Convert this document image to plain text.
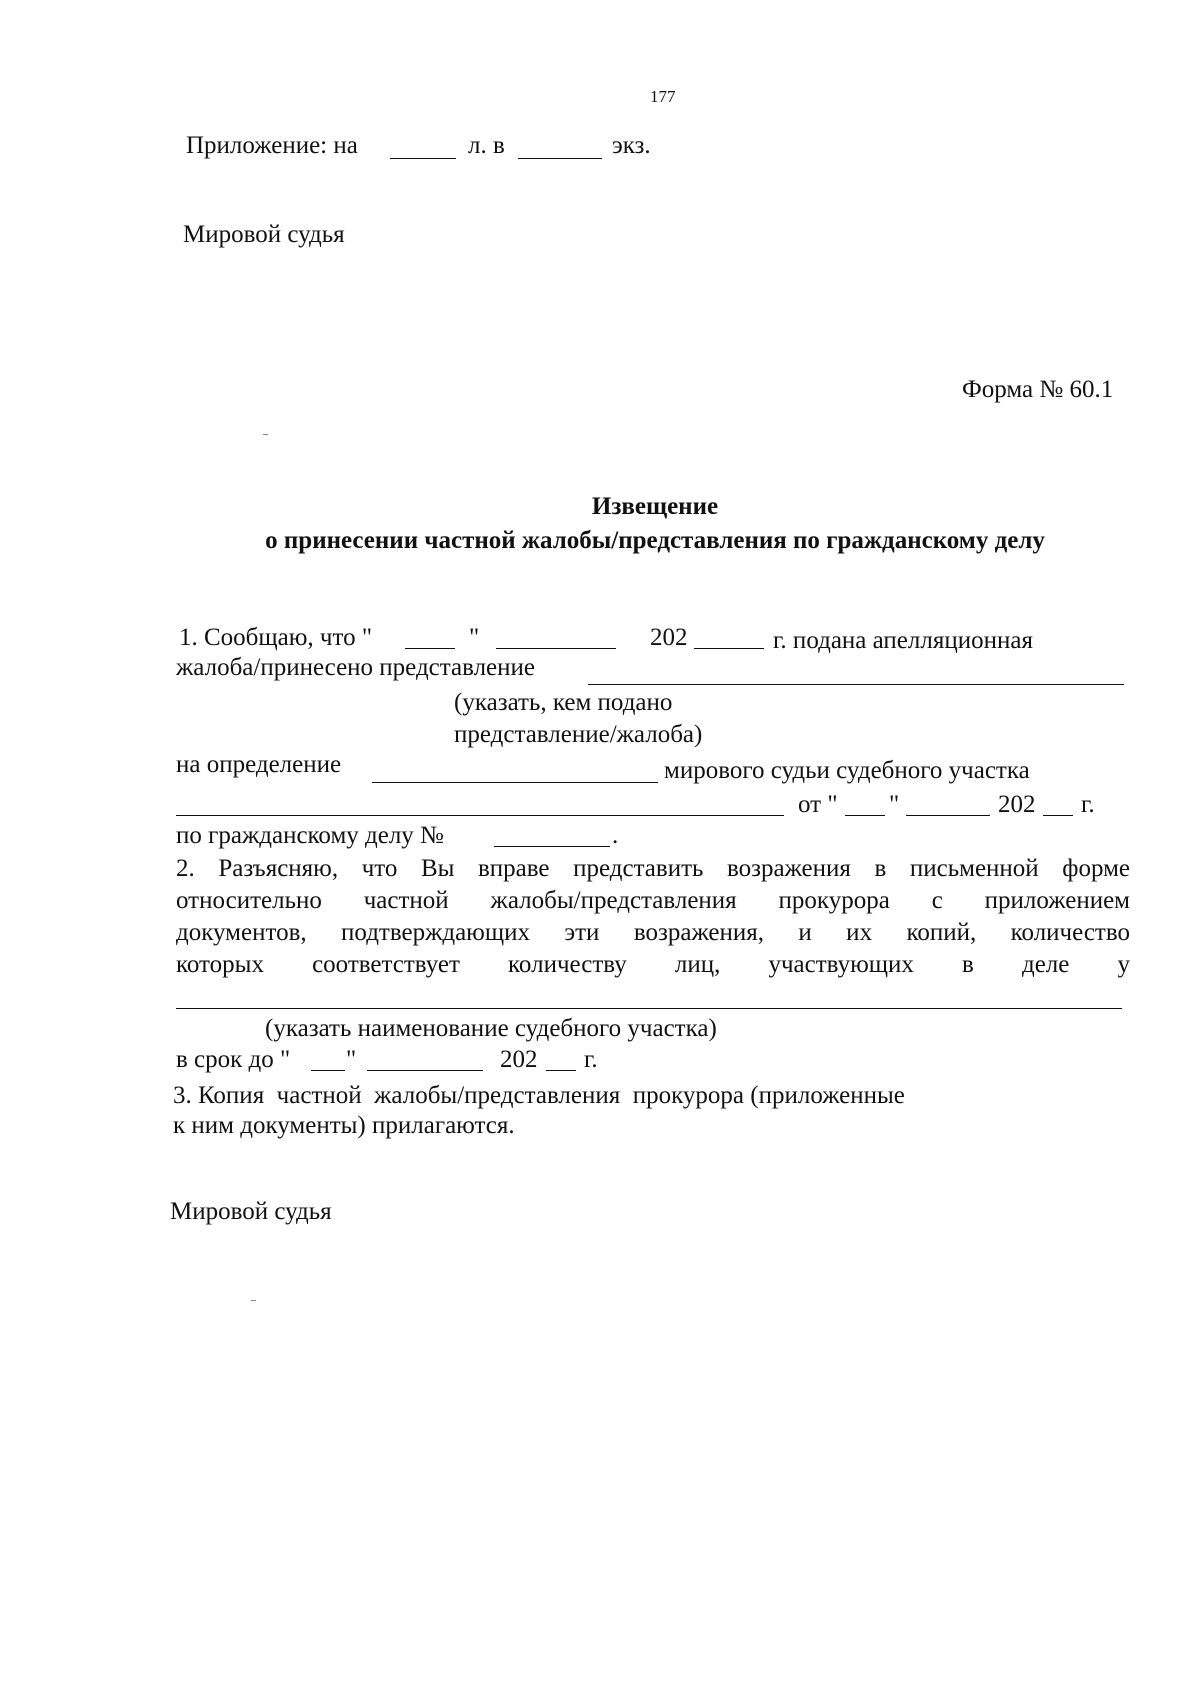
177
Приложение: на	л. в	экз.
Мировой судья
Форма № 60.1
Извещение
о принесении частной жалобы/представления по гражданскому делу
1. Сообщаю, что "	"	202	г. подана апелляционная
жалоба/принесено представление
(указать, кем подано
представление/жалоба)
на определение	мирового судьи судебного участка
от " "	202 г.
по гражданскому делу №	.
2. Разъясняю, что Вы вправе представить возражения в письменной форме
относительно частной жалобы/представления прокурора с приложением
документов, подтверждающих эти возражения, и их копий, количество
которых соответствует количеству лиц, участвующих в деле у
(указать наименование судебного участка)
в срок до " "	202 г.
3. Копия  частной  жалобы/представления  прокурора (приложенные
к ним документы) прилагаются.
Мировой судья
